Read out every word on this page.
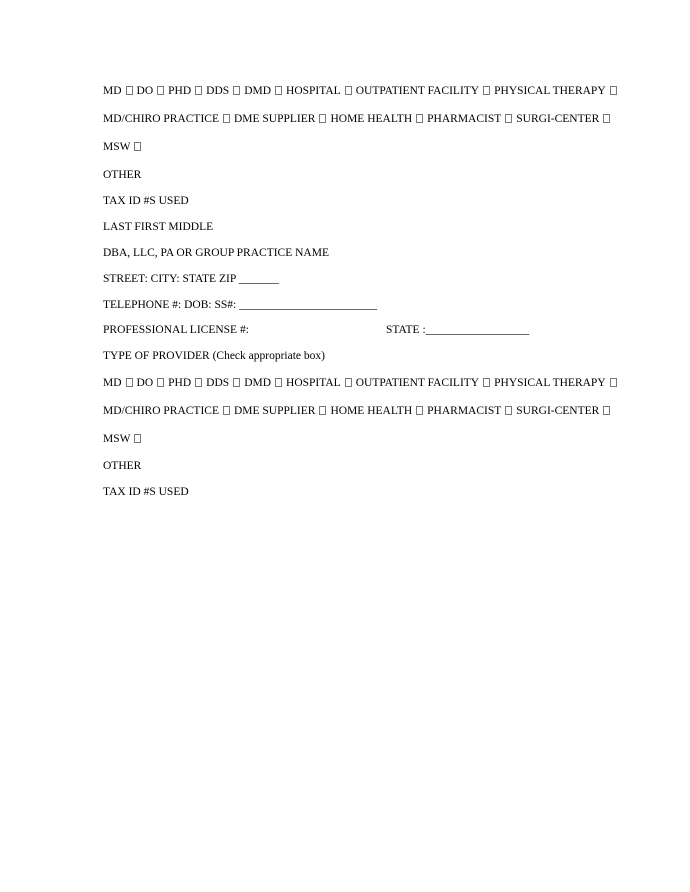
MD DO PHD DDS DMD HOSPITAL OUTPATIENT FACILITY PHYSICAL THERAPY
MD/CHIRO PRACTICE DME SUPPLIER HOME HEALTH PHARMACIST SURGI-CENTER
MSW
OTHER
TAX ID #S USED
LAST FIRST MIDDLE
DBA, LLC, PA OR GROUP PRACTICE NAME
STREET: CITY: STATE ZIP _______
TELEPHONE #: DOB: SS#: ________________________
PROFESSIONAL LICENSE #:	STATE :__________________
TYPE OF PROVIDER (Check appropriate box)
MD DO PHD DDS DMD HOSPITAL OUTPATIENT FACILITY PHYSICAL THERAPY
MD/CHIRO PRACTICE DME SUPPLIER HOME HEALTH PHARMACIST SURGI-CENTER
MSW
OTHER
TAX ID #S USED
